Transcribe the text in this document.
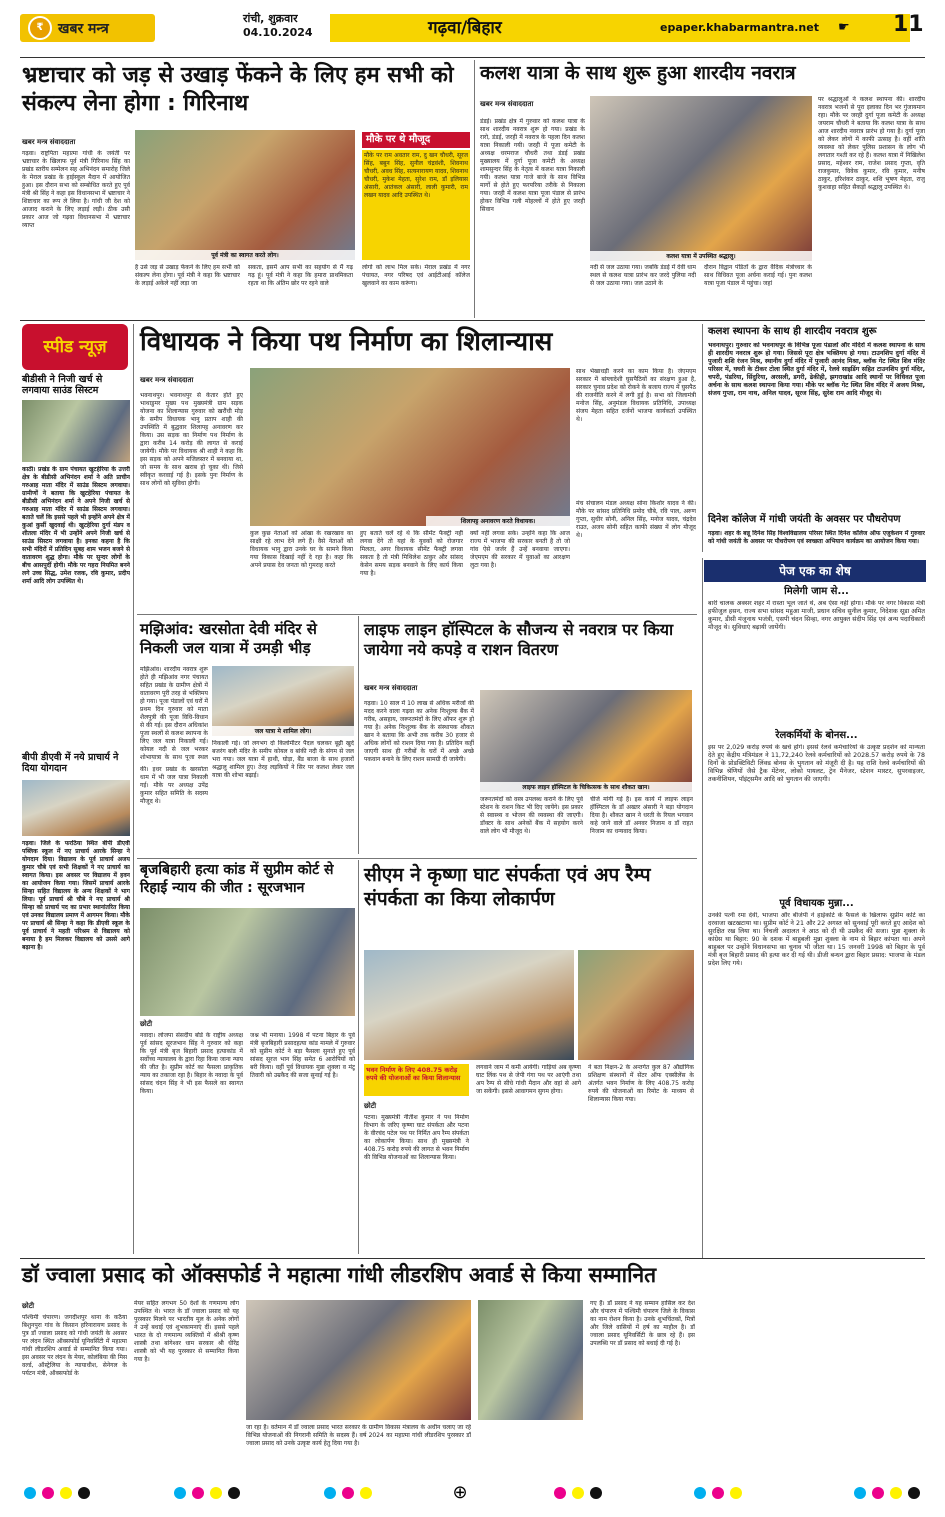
₹	खबर मन्त्र
रांची, शुक्रवार
04.10.2024	गढ़वा/बिहार	epaper.khabarmantra.net ☛ 11
भ्रष्टाचार को जड़ से उखाड़ फेंकने के लिए हम सभी को संकल्प लेना होगा : गिरिनाथ
खबर मन्त्र संवाददाता
गढ़वा। राष्ट्रपिता महात्मा गांधी के जयंती पर भ्रष्टाचार के खिलाफ पूर्व मंत्री गिरिनाथ सिंह का प्रखंड स्तरीय सम्मेलन सह अभिनंदन समारोह जिले के मेराल प्रखंड के हाईस्कूल मैदान में आयोजित हुआ। इस दौरान सभा को सम्बोधित करते हुए पूर्व मंत्री श्री सिंह ने कहा इस विधानसभा में भ्रष्टाचार ने शिष्टाचार का रूप ले लिया है। गांधी जी देश को आजाद कराने के लिए लड़ाई लड़ी। ठीक उसी प्रकार आज जो गढ़वा विधानसभा में भ्रष्टाचार व्याप्त
पूर्व मंत्री का स्वागत करते लोग।
मौके पर थे मौजूद
मौके पर राम अवतार राम, दु खन चौधरी, सूरज सिंह, बबुन सिंह, सुनील चंद्रवंशी, शिवनाथ चौधरी, अवध सिंह, सत्यनारायण यादव, शिवनाथ चौधरी, मुकेश मेहता, सुरेश राम, डॉ इलियास अंसारी, आतंकल अंसारी, लाली कुमारी, राम लखन यादव आदि उपस्थित थे।
है उसे जड़ से उखाड़ फेंकने के लिए हम सभी को संकल्प लेना होगा। पूर्व मंत्री ने कहा कि भ्रष्टाचार के लड़ाई अकेले नहीं लड़ा जा
सकता, इसमें आप सभी का सहयोग से मैं गढ़ गढ़ हूं। पूर्व मंत्री ने कहा कि हमारा प्राथमिकता रहता था कि अंतिम छोर पर रहने वाले
लोगो को लाभ मिल सके। मेराल प्रखंड में नगर पंचायत, नगर परिषद एवं आईटीआई कॉलेज खुलवाने का काम करूंगा।
कलश यात्रा के साथ शुरू हुआ शारदीय नवरात्र
खबर मन्त्र संवाददाता
डंडई। प्रखंड क्षेत्र में गुरुवार को कलश यात्रा के साथ शारदीय नवरात्र शुरू हो गया। प्रखंड के रारो, डंडई, जरही में नवरात्र के पहला दिन कलश यात्रा निकाली गयी। जरही में पूजा कमेटी के अध्यक्ष धरमराज चौधरी तथा डंडई प्रखंड मुख्यालय में दुर्गा पूजा कमेटी के अध्यक्ष शामसुन्दर सिंह के नेतृत्व में कलश यात्रा निकाली गयी। कलश यात्रा गाजे बाजे के साथ विभिन्न मार्गो से होते हुए फरपरिया तरीके से निकाला गया। जरही में कलश यात्रा पूजा पंडाल से प्रारंभ होकर विभिन्न गली मोहल्लों में होते हुए जरही सिवान
कलश यात्रा में उपस्थित श्रद्धालु।
नदी से जल उठाया गया। जबकि डंडई में देवी धाम स्थल से कलश यात्रा प्रारंभ कर जरदे पुलिया नदी से जल उठाया गया। जल उठाने के
दौरान विद्वान पंडितों के द्वारा वैदिक मंत्रोच्चार के साथ विधिवत पूजा अर्चना कराई गई। पुनः कलश यात्रा पूजा पंडाल में पहुंचा। जहां
पर श्रद्धालुओं ने कलश स्थापना की। शारदीय नवरात्र भजनों से पूरा इलाका दिन भर गुंजायमान रहा। मौके पर जरही दुर्गा पूजा कमेटी के अध्यक्ष जयराम चौधरी ने बताया कि कलश यात्रा के साथ आज शारदीय नवरात्र प्रारंभ हो गया है। दुर्गा पूजा को लेकर लोगों में काफी उत्साह है। वहीं शांति व्यवस्था को लेकर पुलिस प्रशासन के लोग भी लगातार गश्ती कर रहे हैं। कलश यात्रा में निखिलेश प्रसाद, महेश्वर राम, राजेश प्रसाद गुप्ता, वृति राजकुमार, विवेक कुमार, रवि कुमार, मनीष ठाकुर, हरिशंकर ठाकुर, शशि भूषण मेहता, राजु कुशवाहा सहित सैकड़ों श्रद्धालु उपस्थित थे।
स्पीड न्यूज़
बीडीसी ने निजी खर्च से लगवाया साउंड सिस्टम
काठी। प्रखंड के ग्राम पंचायत खुटहेरिया के उत्तरी क्षेत्र के बीडीसी अभिनंदन शर्मा ने अति प्राचीन गरुआह माता मंदिर में साउंड सिस्टम लगवाया। ग्रामीणों ने बताया कि खुटहेरिया पंचायत के बीडीसी अभिनंदन शर्मा ने अपने निजी खर्च से गरुआह माता मंदिर में साउंड सिस्टम लगवाया। बताते चलें कि इससे पहले भी इन्होंने अपने क्षेत्र में कुआं कुर्सी खुदवाई थी। खुटहेरिया दुर्गा मंडप व शीतला मंदिर में भी उन्होंने अपने निजी खर्च से साउंड सिस्टम लगवाया है। इनका कहना है कि सभी मंदिरों में प्रतिदिन सुबह शाम भजन बजने से वातावरण शुद्ध होगा। मौके पर सुन्दर लोगों के बीच आसपुर्दी होगी। मौके पर गहरा नियमित बनने लगे उच्च सिद्ध, उमेश रजक, रवि कुमार, प्रदीप शर्मा आदि लोग उपस्थित थे।
बीपी डीएवी में नये प्राचार्य ने दिया योगदान
गढ़वा। जिले के फरठिया स्थित बीपी डीएवी पब्लिक स्कूल में नए प्राचार्य आरके सिन्हा ने योगदान दिया। विद्यालय के पूर्व प्राचार्य अजय कुमार चौबे एवं सभी शिक्षकों ने नए प्राचार्य का स्वागत किया। इस अवसर पर विद्यालय में हवन का आयोजन किया गया। जिसमें प्राचार्य आरके सिन्हा सहित विद्यालय के अन्य शिक्षकों ने भाग लिया। पूर्व प्राचार्य श्री चौबे ने नए प्राचार्य श्री सिन्हा को प्राचार्य पद का प्रभार स्थानांतरित किया एवं उनका विद्यालय प्रमाण में आगमन किया। मौके पर प्राचार्य श्री सिन्हा ने कहा कि डीएवी स्कूल के पूर्व प्राचार्य ने महती परिश्रम से विद्यालय को बनाया है हम मिलकर विद्यालय को उससे आगे बढ़ाना है।
विधायक ने किया पथ निर्माण का शिलान्यास
खबर मन्त्र संवाददाता
भवनाथपुर। भवनाथपुर से केतार होते हुए भाथाडुमर मुख्य पथ मुख्यमंत्री ग्राम सड़क योजना का शिलान्यास गुरुवार को खरौंधी मोड़ के समीप विधायक भानु प्रताप शाही की उपस्थिति में बुद्धवार शिलापट्ट अनावरण कर किया। उस सड़क का निर्माण पथ निर्माण के द्वारा करीब 14 करोड़ की लागत से कराई जायेगी। मौके पर विधायक श्री शाही ने कहा कि इस सड़क को अपने मजिलस्तर में बनवाया था, जो समय के साथ खराब हो चुका थी। जिसे स्वीकृत करवाई गई है। इसके पुनः निर्माण के साथ लोगों को सुविधा होगी।
शिलापट्ट अनावरण करते विधायक।
कुल कुछ नेताओं को आंखा के रखरखाव का साक्षी रहे लाभ देने लगे हैं। वैसे नेताओं को विधायक भानु द्वारा उनके घर के सामने किया गया विकास दिखाई नहीं दे रहा है। कहा कि अपने प्रयास देव जनता को गुमराह करते
हुए बताते चलें रहे थे कि सीमेंट फैक्ट्री नहीं लगवा देंगे तो यहां के युवकों को रोजगार मिलता, अगर विधायक सीमेंट फैक्ट्री लगवा सकता है तो मंत्री मिथिलेश ठाकुर और सांसद केसेन समय सड़क बनवाने के लिए कार्य किया गया है।
क्यों नहीं लगवा सके। उन्होंने कहा कि आज राज्य में भाजपा की सरकार बनती है तो जो गांव ऐसे जर्जर हैं उन्हें बनवाया जाएगा। जेएमएम की सरकार में युवाओं का आरक्षण लुटा गया है।
साथ भेखाधड़ी करने का काम किया है। जेएमएम सरकार में बांग्लादेशी घुसपैठियों का संरक्षण हुआ है, सरकार चुनाव प्रदेश को रोकने के बजाय राज्य में घुसपैठ की राजनीति करने में लगी हुई है। सभा को जिलामंत्री मनोज सिंह, अनुमंडल विधायक प्रतिनिधि, उपाध्यक्ष संजय मेहता सहित दर्जनों भाजपा कार्यकर्ता उपस्थित थे।
मंच संचालन मंडल अध्यक्ष सोना किशोर यादव ने की। मौके पर सांसद प्रतिनिधि प्रमोद चौबे, रवि पाल, अरुण गुप्ता, सुधीर सोनी, अनिल सिंह, मनोज यादव, चंद्रदेव राउत, अजय सोनी सहित काफी संख्या में लोग मौजूद थे।
कलश स्थापना के साथ ही शारदीय नवरात्र शुरू
भवनाथपुर। गुरुवार को भवनाथपुर के विभिन्न पूजा पंडालों और मंदिरों में कलश स्थापना के साथ ही शारदीय नवरात्र शुरू हो गया। जिससे पूरा क्षेत्र भक्तिमय हो गया। टाउनशिप दुर्गा मंदिर में पुजारी शशि रंजन मिश्र, स्थानीय दुर्गा मंदिर में पुजारी आनंद मिश्रा, ब्लॉक गेट स्थित शिव मंदिर परिसर में, घघरी के टीकर टोला स्थित दुर्गा मंदिर में, रेलवे साइडिंग सहित टाउनशिप दुर्गा मंदिर, चपरी, पंडरिया, सिंदुरिया, अरसली, डगरी, ढेकीही, झगराखांड आदि स्थानों पर विधिवत पूजा अर्चना के साथ कलश स्थापना किया गया। मौके पर ब्लॉक गेट स्थित शिव मंदिर में अजय मिश्रा, संजय गुप्ता, राम नाथ, अनिल यादव, सूरज सिंह, सुरेश राम आदि मौजूद थे।
दिनेश कॉलेज में गांधी जयंती के अवसर पर पौधरोपण
गढ़वा। शहर के बन्नू दिनेश सिंह विश्वविद्यालय परिसर स्थित दिनेश कॉलेज ऑफ एजुकेशन में गुरुवार को गांधी जयंती के अवसर पर पौधरोपण एवं स्वच्छता अभियान कार्यक्रम का आयोजन किया गया।
मझिआंव: खरसोता देवी मंदिर से निकली जल यात्रा में उमड़ी भीड़
मझिआंव। शारदीय नवरात्र शुरू होते ही मझिआंव नगर पंचायत सहित प्रखंड के ग्रामीण क्षेत्रों में वातावरण पूरी तरह से भक्तिमय हो गया। पूजा पंडालों एवं घरों में प्रथम दिन गुरुवार को माता शैलपुत्री की पूजा विधि-विधान से की गई। इस दौरान अधिकांश पूजा स्थलों से कलश स्थापना के लिए जल यात्रा निकाली गई। कोयल नदी से जल भरकर शोभायात्रा के साथ पूजा स्थल
जल यात्रा मे शामिल लोग।
निकाली गई। जो लगभग दो किलोमीटर पैदल चलकर बूढ़ी खुर्द बजरंग बली मंदिर के समीप कोयल व बांकी नदी के संगम से जल भरा गया। जल यात्रा में हाथी, घोड़ा, बैंड बाजा के साथ हजारों श्रद्धालु शामिल हुए। तेरह लड़कियों ने सिर पर कलश लेकर जल यात्रा की शोभा बढ़ाई।
की। इधर प्रखंड के खरसोता धाम में भी जल यात्रा निकाली गई। मौके पर अध्यक्ष उपेंद्र कुमार सहित समिति के सदस्य मौजूद थे।
लाइफ लाइन हॉस्पिटल के सौजन्य से नवरात्र पर किया जायेगा नये कपड़े व राशन वितरण
खबर मन्त्र संवाददाता
गढ़वा। 10 साल में 10 लाख से अधिक मरीजों की मदद करने वाला गढ़वा का अनेक निःशुल्क बैंक में गरीब, असहाय, जरूरतमंदों के लिए ऑफर शुरू हो गया है। अनेक निःशुल्क बैंक के संस्थापक शौकत खान ने बताया कि अभी तक करीब 30 हजार से अधिक लोगों को राशन दिया गया है। प्रतिदिन कहीं जाएगी साथ ही गरीबों के घरों में अच्छे अच्छे पकवान बनाने के लिए राशन सामग्री दी जायेगी।
लाइफ लाइन हॉस्पिटल के चिकित्सक के साथ शौकत खान।
जरूरतमंदों को वस्त्र उपलब्ध कराने के लिए पूर्व स्टेशन के राशन किट भी दिए जायेंगे। इस प्रकार से स्वास्थ्य व भोजन की व्यवस्था की जाएगी। डॉक्टर के साथ अनेकों बैंक में सहयोग करने वाले लोग भी मौजूद थे।
चीजे मांगी गई है। इस कार्य में लाइफ लाइन हॉस्पिटल के डॉ अख्तर अंसारी ने बड़ा योगदान दिया है। शौकत खान ने धरती के रियल भगवान कहे जाने वाले डॉ अनवर निजाम व डॉ राहत निजाम का धन्यवाद किया।
पेज एक का शेष
मिलेगी जाम से...
बारी चालक अक्सर शहर में रास्ता भूल जाते थे, अब ऐसा नहीं होगा। मौके पर नगर विकास मंत्री हफीजुल हसन, राज्य सभा सांसद महुआ माजी, प्रधान सचिव सुनील कुमार, निदेशक सूडा अमित कुमार, डीसी मंजूनाथ भजंत्री, एसपी चंदन सिन्हा, नगर आयुक्त संदीप सिंह एवं अन्य पदाधिकारी मौजूद थे। सुविधाएं बढ़ायी जायेंगी।
रेलकर्मियों के बोनस...
इस पर 2,029 करोड़ रुपये के खर्च होंगे। इससे रेलवे कर्मचारियों के उत्कृष्ट प्रदर्शन को मान्यता देते हुए केंद्रीय मंत्रिमंडल ने 11,72,240 रेलवे कर्मचारियों को 2028.57 करोड़ रुपये के 78 दिनों के प्रोडक्टिविटी लिंक्ड बोनस के भुगतान को मंजूरी दी है। यह राशि रेलवे कर्मचारियों की विभिन्न श्रेणियों जैसे ट्रैक मेंटेनर, लोको पायलट, ट्रेन मैनेजर, स्टेशन मास्टर, सुपरवाइजर, तकनीशियन, पॉइंट्समैन आदि को भुगतान की जाएगी।
पूर्व विधायक मुन्ना...
उनकी पत्नी रमा देवी, भाजपा और बीजेपी ने हाईकोर्ट के फैसले के खिलाफ सुप्रीम कोर्ट का दरवाजा खटखटाया था। सुप्रीम कोर्ट ने 21 और 22 अगस्त को सुनवाई पूरी करते हुए आदेश को सुरक्षित रख लिया था। निचली अदालत ने आठ को दी थी उम्रकैद की सजा। मुन्ना शुक्ला के कांग्रेस था बिहार: 90 के दशक में बाहुबली मुन्ना शुक्ला के नाम से बिहार कांपता था। अपने बाहुबल पर उन्होंने विधानसभा का चुनाव भी जीता था। 15 जनवरी 1998 को बिहार के पूर्व मंत्री बृज बिहारी प्रसाद की हत्या कर दी गई थी। डीजी बन्धन द्वारा बिहार प्रसाद: भाजपा के मंडल प्रदेश लिए गये।
बृजबिहारी हत्या कांड में सुप्रीम कोर्ट से रिहाई न्याय की जीत : सूरजभान
छोटी
नवादा। लोजपा संसदीय बोर्ड के राष्ट्रीय अध्यक्ष पूर्व सांसद सूरजभान सिंह ने गुरुवार को कहा कि पूर्व मंत्री बृज बिहारी प्रसाद हत्याकांड में सर्वोच्च न्यायालय के द्वारा रिहा किया जाना न्याय की जीत है। सुप्रीम कोर्ट का फैसला प्राकृतिक न्याय का तकाजा रहा है। बिहार के नवादा के पूर्व सांसद चंदन सिंह ने भी इस फैसले का स्वागत किया।
जश्न भी मनाया। 1998 में पटना बिहार के पूर्व मंत्री बृजबिहारी प्रसादहत्या कांड मामले में गुरुवार को सुप्रीम कोर्ट ने बड़ा फैसला सुनाते हुए पूर्व सांसद सूरज भान सिंह समेत 6 आरोपियों को बरी किया। वहीं पूर्व विधायक मुन्ना शुक्ला व मंटू तिवारी को उम्रकैद की सजा सुनाई गई है।
सीएम ने कृष्णा घाट संपर्कता एवं अप रैम्प संपर्कता का किया लोकार्पण
भवन निर्माण के लिए 408.75 करोड़ रुपये की योजनाओं का किया शिलान्यास
छोटी
पटना। मुख्यमंत्री नीतीश कुमार ने पथ निर्माण विभाग के जरिए कृष्णा घाट संपर्कता और पटना के वीरचंद पटेल पथ पर निर्मित अप रैम्प संपर्कता का लोकार्पण किया। साथ ही मुख्यमंत्री ने 408.75 करोड़ रुपये की लागत से भवन निर्माण की विभिन्न योजनाओं का शिलान्यास किया।
लगवाने जाम में कमी आयेगी। गाड़ियां अब कृष्णा घाट लिंक पथ से जेपी गंगा पथ पर आएंगी तथा अप रैम्प से सीधे गांधी मैदान और वहां से आगे जा सकेंगी। इससे आवागमन सुगम होगा।
ने बता निक्षन-2 के अन्तर्गत कुल 87 औद्योगिक प्रशिक्षण संस्थानों में सेंटर ऑफ एक्सीलेंस के अंतर्गत भवन निर्माण के लिए 408.75 करोड़ रुपये की योजनाओं का रिमोट के माध्यम से शिलान्यास किया गया।
डॉ ज्वाला प्रसाद को ऑक्सफोर्ड ने महात्मा गांधी लीडरशिप अवार्ड से किया सम्मानित
छोटी
पश्चिमी चंपारण। जगदीशपुर थाना के कठैया बिशुनपुरा गांव के किसान हरिनारायण प्रसाद के पुत्र डॉ ज्वाला प्रसाद को गांधी जयंती के अवसर पर लंदन स्थित ऑक्सफोर्ड यूनिवर्सिटी में महात्मा गांधी लीडरशिप अवार्ड से सम्मानित किया गया। इस अवसर पर लंदन के मेयर, कोलंबिया की मिस वर्ल्ड, ऑस्ट्रेलिया के न्यायाधीश, सेनेगल के पर्यटन मंत्री, ऑक्सफोर्ड के
मेयर सहित लगभग 50 देशों के गणमान्य लोग उपस्थित थे। भारत के डॉ ज्वाला प्रसाद को यह पुरस्कार मिलने पर भारतीय मूल के अनेक लोगों ने उन्हें बधाई एवं शुभकामनाएं दीं। इससे पहले भारत के दो गणमान्य व्यक्तियों में श्रीश्री कृष्ण शास्त्री तथा बांगेश्वर धाम सरकार श्री धीरेंद्र शास्त्री को भी यह पुरस्कार से सम्मानित किया गया है।
जा रहा है। वर्तमान में डॉ ज्वाला प्रसाद भारत सरकार के ग्रामीण विकास मंत्रालय के अधीन चलाए जा रहे विभिन्न योजनाओं की निगरानी समिति के सदस्य हैं। वर्ष 2024 का महात्मा गांधी लीडरशिप पुरस्कार डॉ ज्वाला प्रसाद को उनके उत्कृष्ट कार्य हेतु दिया गया है।
गए हैं। डॉ प्रसाद ने यह सम्मान हासिल कर देश और चंपारण में पश्चिमी चंपारण जिले के विकास का नाम रोशन किया है। उनके शुभचिंतकों, मित्रों और जिले वासियों में हर्ष का माहौल है। डॉ ज्वाला प्रसाद यूनिवर्सिटी के छात्र रहे हैं। इस उपलब्धि पर डॉ प्रसाद को बधाई दी गई है।
⊕
